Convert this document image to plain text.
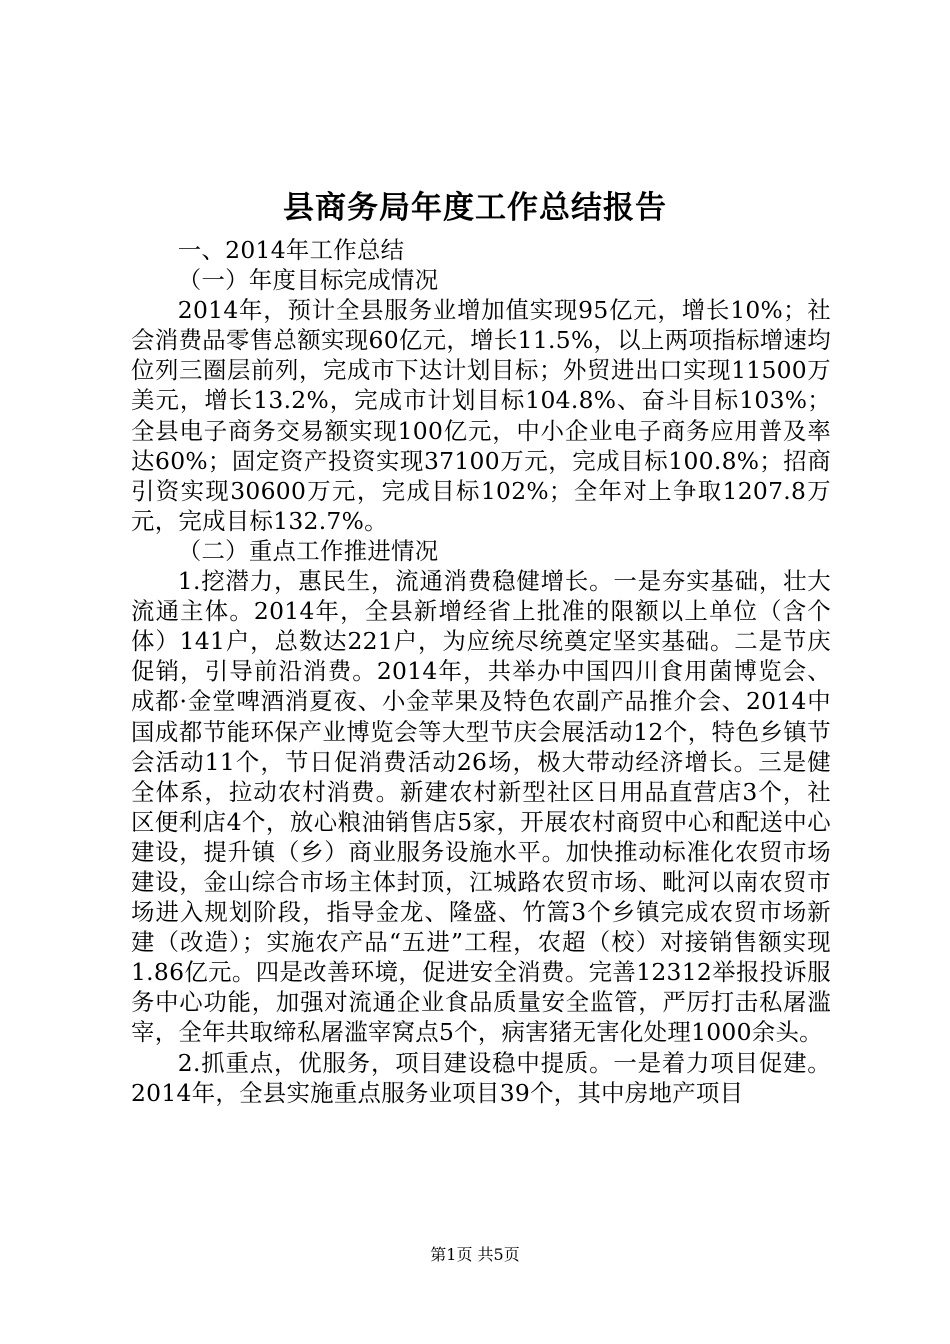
县商务局年度工作总结报告

一、2014年工作总结

（一）年度目标完成情况

2014年，预计全县服务业增加值实现95亿元，增长10%；社会消费品零售总额实现60亿元，增长11.5%，以上两项指标增速均位列三圈层前列，完成市下达计划目标；外贸进出口实现11500万美元，增长13.2%，完成市计划目标104.8%、奋斗目标103%；全县电子商务交易额实现100亿元，中小企业电子商务应用普及率达60%；固定资产投资实现37100万元，完成目标100.8%；招商引资实现30600万元，完成目标102%；全年对上争取1207.8万元，完成目标132.7%。

（二）重点工作推进情况

1.挖潜力，惠民生，流通消费稳健增长。一是夯实基础，壮大流通主体。2014年，全县新增经省上批准的限额以上单位（含个体）141户，总数达221户，为应统尽统奠定坚实基础。二是节庆促销，引导前沿消费。2014年，共举办中国四川食用菌博览会、成都·金堂啤酒消夏夜、小金苹果及特色农副产品推介会、2014中国成都节能环保产业博览会等大型节庆会展活动12个，特色乡镇节会活动11个，节日促消费活动26场，极大带动经济增长。三是健全体系，拉动农村消费。新建农村新型社区日用品直营店3个，社区便利店4个，放心粮油销售店5家，开展农村商贸中心和配送中心建设，提升镇（乡）商业服务设施水平。加快推动标准化农贸市场建设，金山综合市场主体封顶，江城路农贸市场、毗河以南农贸市场进入规划阶段，指导金龙、隆盛、竹篙3个乡镇完成农贸市场新建（改造）；实施农产品“五进”工程，农超（校）对接销售额实现1.86亿元。四是改善环境，促进安全消费。完善12312举报投诉服务中心功能，加强对流通企业食品质量安全监管，严厉打击私屠滥宰，全年共取缔私屠滥宰窝点5个，病害猪无害化处理1000余头。

2.抓重点，优服务，项目建设稳中提质。一是着力项目促建。2014年，全县实施重点服务业项目39个，其中房地产项目

第1页 共5页
